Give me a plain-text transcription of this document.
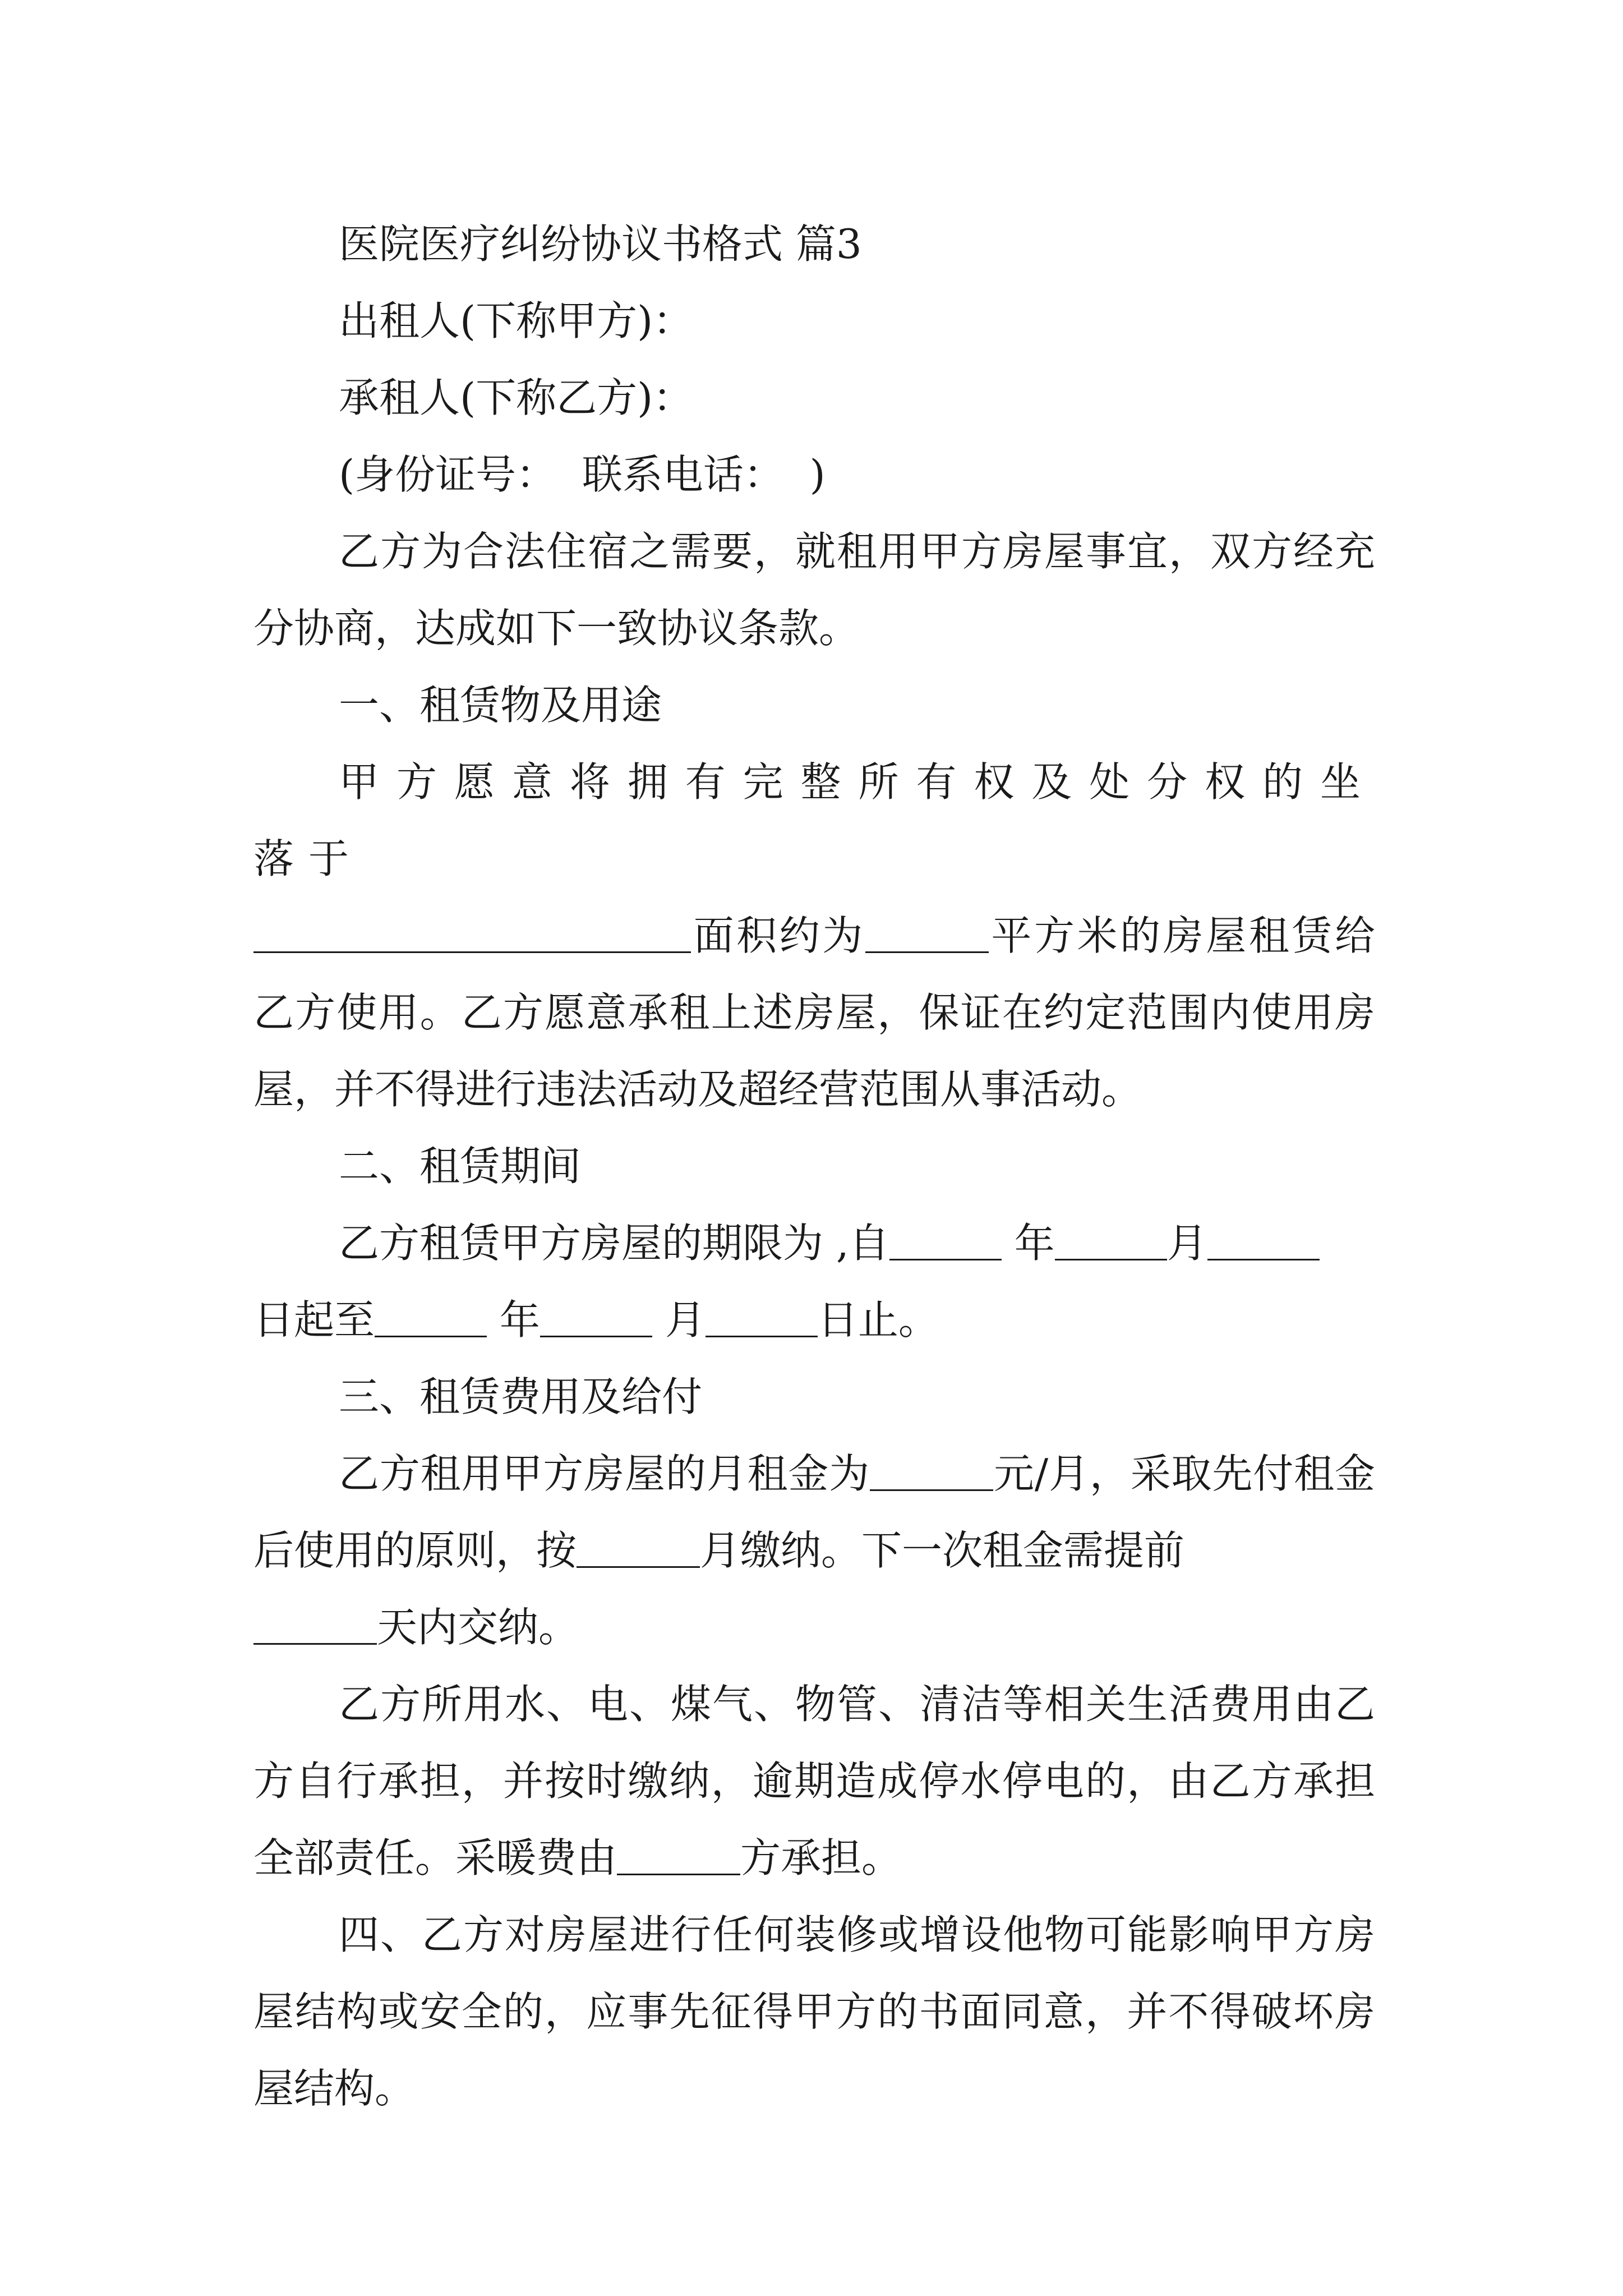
医院医疗纠纷协议书格式 篇3

出租人(下称甲方)：

承租人(下称乙方)：

(身份证号：  联系电话：  )

乙方为合法住宿之需要，就租用甲方房屋事宜，双方经充分协商，达成如下一致协议条款。

一、租赁物及用途

甲方愿意将拥有完整所有权及处分权的坐落于
面积约为	平方米的房屋租赁给乙方使用。乙方愿意承租上述房屋，保证在约定范围内使用房屋，并不得进行违法活动及超经营范围从事活动。

二、租赁期间

乙方租赁甲方房屋的期限为 ,自	年	月
日起至	年	月	日止。

三、租赁费用及给付

乙方租用甲方房屋的月租金为	元/月，采取先付租金后使用的原则，按	月缴纳。下一次租金需提前
天内交纳。

乙方所用水、电、煤气、物管、清洁等相关生活费用由乙方自行承担，并按时缴纳，逾期造成停水停电的，由乙方承担全部责任。采暖费由	方承担。

四、乙方对房屋进行任何装修或增设他物可能影响甲方房屋结构或安全的，应事先征得甲方的书面同意，并不得破坏房屋结构。
